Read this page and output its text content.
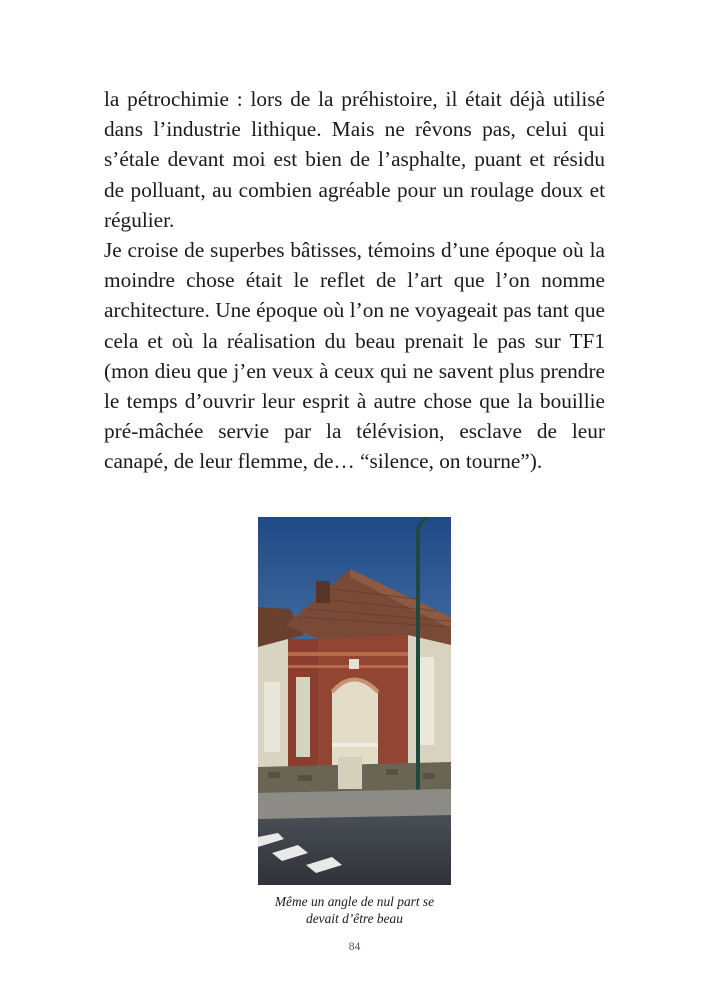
la pétrochimie : lors de la préhistoire, il était déjà utilisé dans l’industrie lithique. Mais ne rêvons pas, celui qui s’étale devant moi est bien de l’asphalte, puant et résidu de polluant, au combien agréable pour un roulage doux et régulier.

Je croise de superbes bâtisses, témoins d’une époque où la moindre chose était le reflet de l’art que l’on nomme architecture. Une époque où l’on ne voyageait pas tant que cela et où la réalisation du beau prenait le pas sur TF1 (mon dieu que j’en veux à ceux qui ne savent plus prendre le temps d’ouvrir leur esprit à autre chose que la bouillie pré-mâchée servie par la télévision, esclave de leur canapé, de leur flemme, de… “silence, on tourne”).

Même un angle de nul part se
devait d’être beau
84
